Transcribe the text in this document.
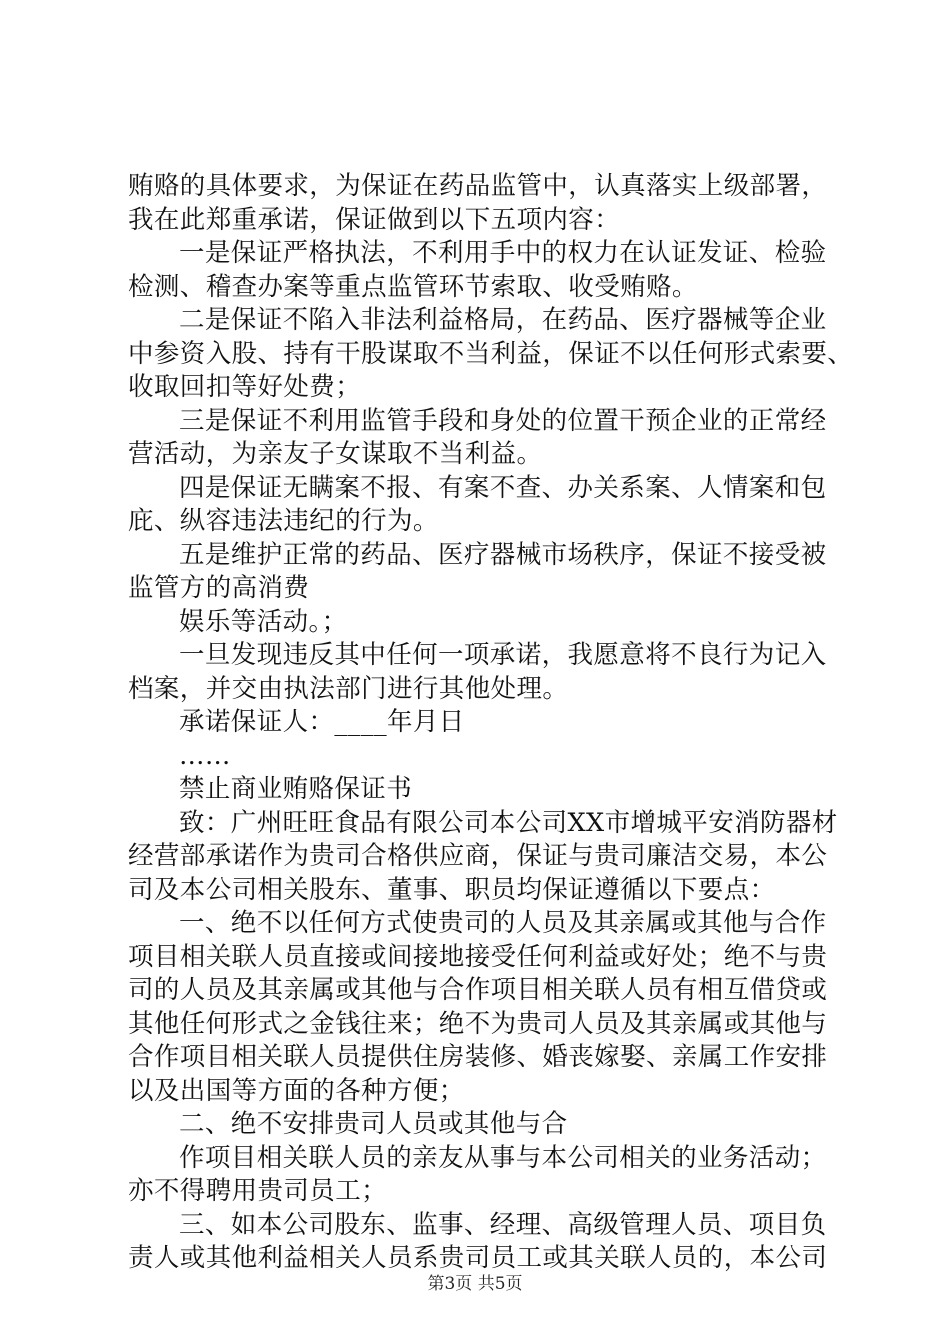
贿赂的具体要求，为保证在药品监管中，认真落实上级部署，
我在此郑重承诺，保证做到以下五项内容：
一是保证严格执法，不利用手中的权力在认证发证、检验
检测、稽查办案等重点监管环节索取、收受贿赂。
二是保证不陷入非法利益格局，在药品、医疗器械等企业
中参资入股、持有干股谋取不当利益，保证不以任何形式索要、
收取回扣等好处费；
三是保证不利用监管手段和身处的位置干预企业的正常经
营活动，为亲友子女谋取不当利益。
四是保证无瞒案不报、有案不查、办关系案、人情案和包
庇、纵容违法违纪的行为。
五是维护正常的药品、医疗器械市场秩序，保证不接受被
监管方的高消费
娱乐等活动。；
一旦发现违反其中任何一项承诺，我愿意将不良行为记入
档案，并交由执法部门进行其他处理。
承诺保证人：____年月日
……
禁止商业贿赂保证书
致：广州旺旺食品有限公司本公司XX市增城平安消防器材
经营部承诺作为贵司合格供应商，保证与贵司廉洁交易，本公
司及本公司相关股东、董事、职员均保证遵循以下要点：
一、绝不以任何方式使贵司的人员及其亲属或其他与合作
项目相关联人员直接或间接地接受任何利益或好处；绝不与贵
司的人员及其亲属或其他与合作项目相关联人员有相互借贷或
其他任何形式之金钱往来；绝不为贵司人员及其亲属或其他与
合作项目相关联人员提供住房装修、婚丧嫁娶、亲属工作安排
以及出国等方面的各种方便；
二、绝不安排贵司人员或其他与合
作项目相关联人员的亲友从事与本公司相关的业务活动；
亦不得聘用贵司员工；
三、如本公司股东、监事、经理、高级管理人员、项目负
责人或其他利益相关人员系贵司员工或其关联人员的，本公司
第3页 共5页
